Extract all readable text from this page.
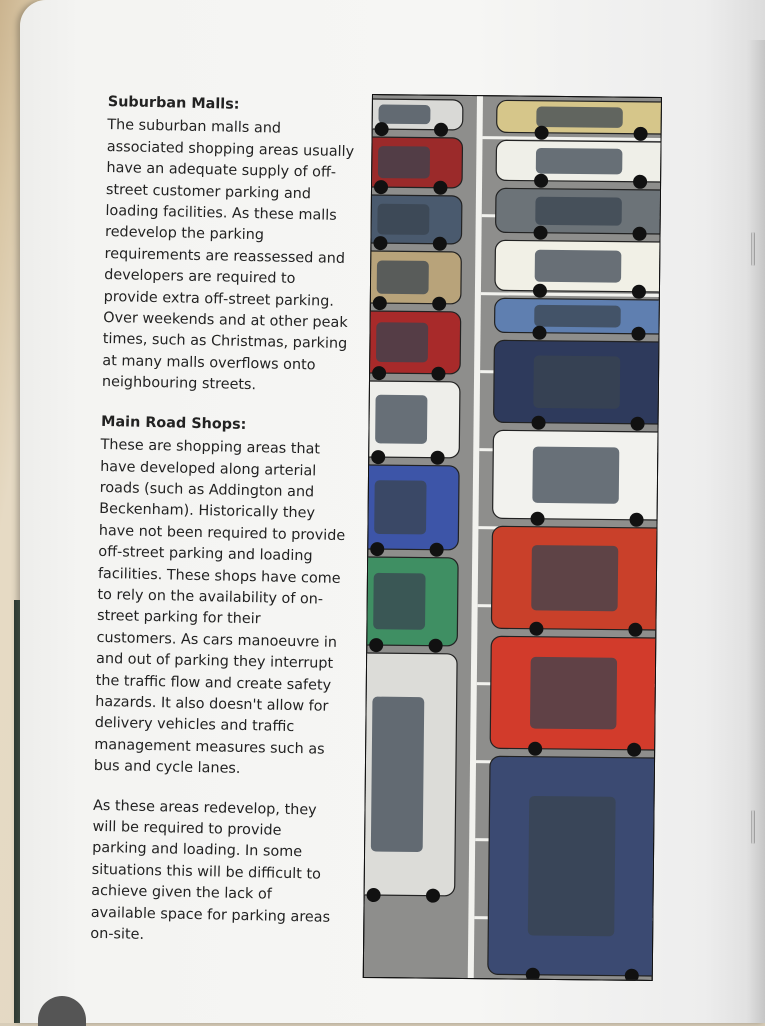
Suburban Malls:
The suburban malls and
associated shopping areas usually
have an adequate supply of off-
street customer parking and
loading facilities. As these malls
redevelop the parking
requirements are reassessed and
developers are required to
provide extra off-street parking.
Over weekends and at other peak
times, such as Christmas, parking
at many malls overflows onto
neighbouring streets.
Main Road Shops:
These are shopping areas that
have developed along arterial
roads (such as Addington and
Beckenham). Historically they
have not been required to provide
off-street parking and loading
facilities. These shops have come
to rely on the availability of on-
street parking for their
customers. As cars manoeuvre in
and out of parking they interrupt
the traffic flow and create safety
hazards. It also doesn't allow for
delivery vehicles and traffic
management measures such as
bus and cycle lanes.
As these areas redevelop, they
will be required to provide
parking and loading. In some
situations this will be difficult to
achieve given the lack of
available space for parking areas
on-site.
